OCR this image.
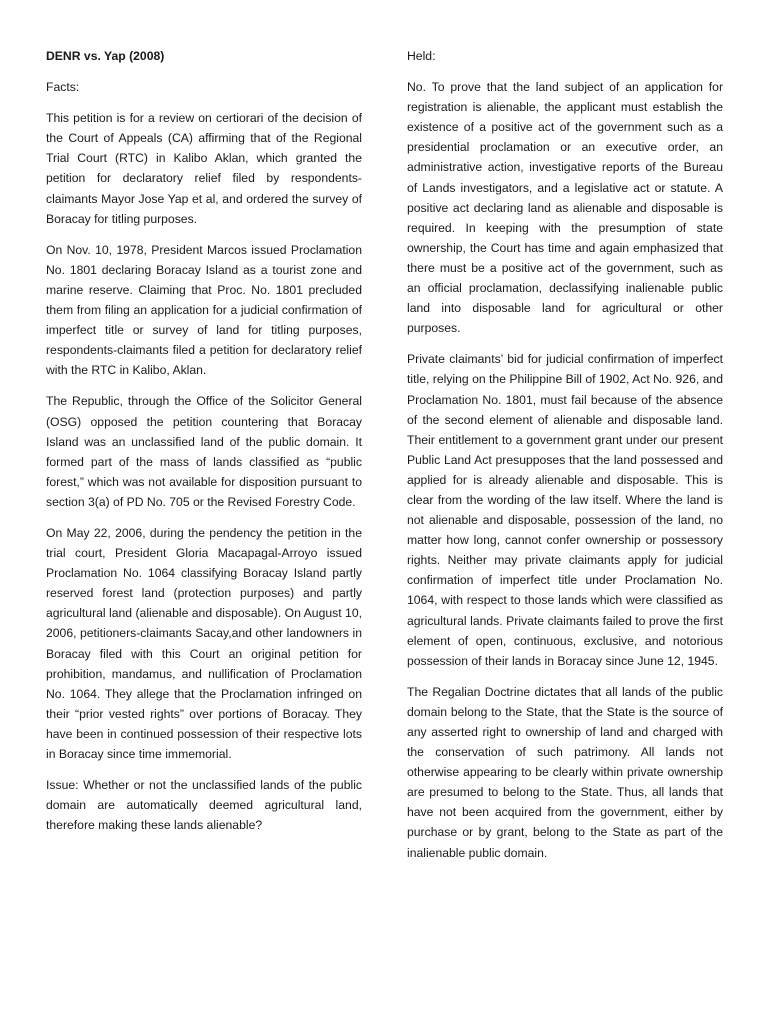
DENR vs. Yap (2008)

Facts:

This petition is for a review on certiorari of the decision of the Court of Appeals (CA) affirming that of the Regional Trial Court (RTC) in Kalibo Aklan, which granted the petition for declaratory relief filed by respondents-claimants Mayor Jose Yap et al, and ordered the survey of Boracay for titling purposes.

On Nov. 10, 1978, President Marcos issued Proclamation No. 1801 declaring Boracay Island as a tourist zone and marine reserve. Claiming that Proc. No. 1801 precluded them from filing an application for a judicial confirmation of imperfect title or survey of land for titling purposes, respondents-claimants filed a petition for declaratory relief with the RTC in Kalibo, Aklan.

The Republic, through the Office of the Solicitor General (OSG) opposed the petition countering that Boracay Island was an unclassified land of the public domain. It formed part of the mass of lands classified as “public forest,” which was not available for disposition pursuant to section 3(a) of PD No. 705 or the Revised Forestry Code.

On May 22, 2006, during the pendency the petition in the trial court, President Gloria Macapagal-Arroyo issued Proclamation No. 1064 classifying Boracay Island partly reserved forest land (protection purposes) and partly agricultural land (alienable and disposable). On August 10, 2006, petitioners-claimants Sacay,and other landowners in Boracay filed with this Court an original petition for prohibition, mandamus, and nullification of Proclamation No. 1064. They allege that the Proclamation infringed on their “prior vested rights” over portions of Boracay. They have been in continued possession of their respective lots in Boracay since time immemorial.

Issue: Whether or not the unclassified lands of the public domain are automatically deemed agricultural land, therefore making these lands alienable?

Held:

No. To prove that the land subject of an application for registration is alienable, the applicant must establish the existence of a positive act of the government such as a presidential proclamation or an executive order, an administrative action, investigative reports of the Bureau of Lands investigators, and a legislative act or statute. A positive act declaring land as alienable and disposable is required. In keeping with the presumption of state ownership, the Court has time and again emphasized that there must be a positive act of the government, such as an official proclamation, declassifying inalienable public land into disposable land for agricultural or other purposes.

Private claimants’ bid for judicial confirmation of imperfect title, relying on the Philippine Bill of 1902, Act No. 926, and Proclamation No. 1801, must fail because of the absence of the second element of alienable and disposable land. Their entitlement to a government grant under our present Public Land Act presupposes that the land possessed and applied for is already alienable and disposable. This is clear from the wording of the law itself. Where the land is not alienable and disposable, possession of the land, no matter how long, cannot confer ownership or possessory rights. Neither may private claimants apply for judicial confirmation of imperfect title under Proclamation No. 1064, with respect to those lands which were classified as agricultural lands. Private claimants failed to prove the first element of open, continuous, exclusive, and notorious possession of their lands in Boracay since June 12, 1945.

The Regalian Doctrine dictates that all lands of the public domain belong to the State, that the State is the source of any asserted right to ownership of land and charged with the conservation of such patrimony. All lands not otherwise appearing to be clearly within private ownership are presumed to belong to the State. Thus, all lands that have not been acquired from the government, either by purchase or by grant, belong to the State as part of the inalienable public domain.
